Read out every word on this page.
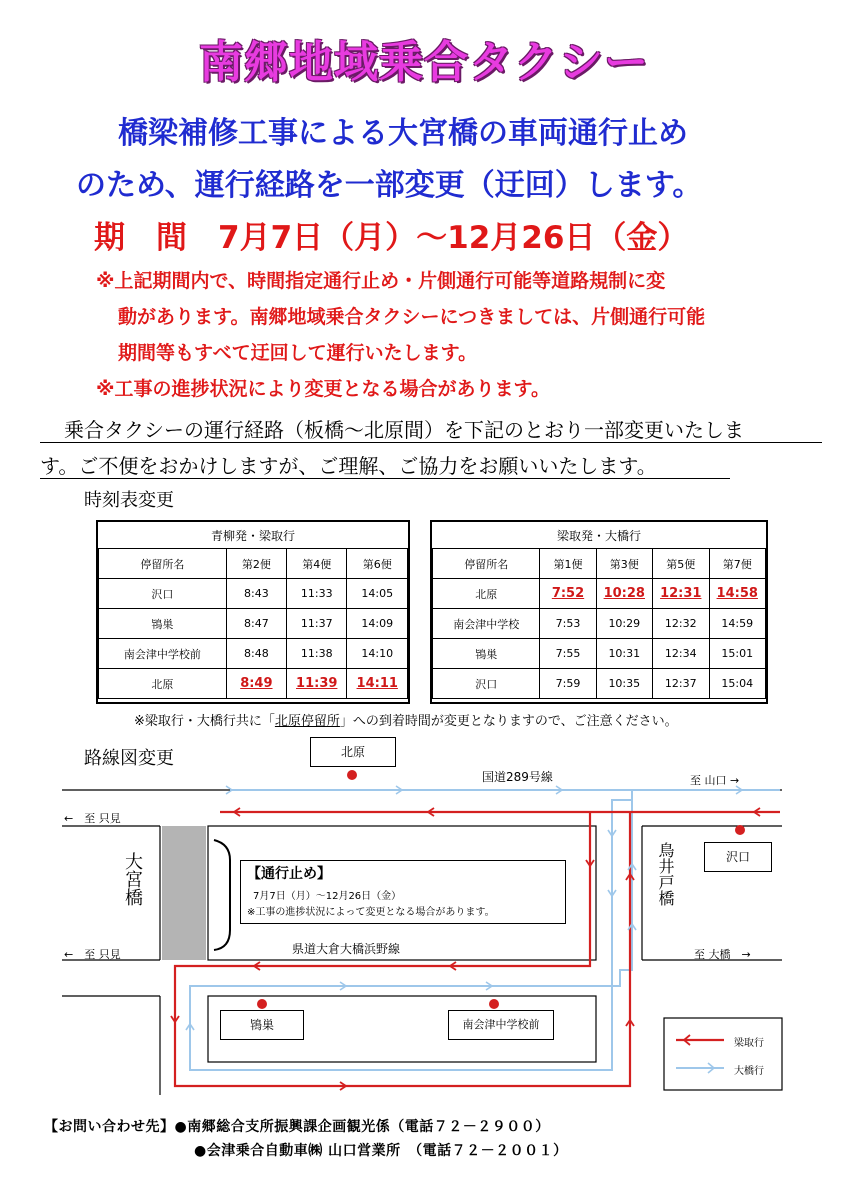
南郷地域乗合タクシー
橋梁補修工事による大宮橋の車両通行止め
のため、運行経路を一部変更（迂回）します。
期　間　7月7日（月）～12月26日（金）
※上記期間内で、時間指定通行止め・片側通行可能等道路規制に変
動があります。南郷地域乗合タクシーにつきましては、片側通行可能
期間等もすべて迂回して運行いたします。
※工事の進捗状況により変更となる場合があります。
乗合タクシーの運行経路（板橋～北原間）を下記のとおり一部変更いたしま
す。ご不便をおかけしますが、ご理解、ご協力をお願いいたします。
時刻表変更
青柳発・梁取行			
停留所名	第2便	第4便	第6便
沢口	8:43	11:33	14:05
鴇巣	8:47	11:37	14:09
南会津中学校前	8:48	11:38	14:10
北原	8:49	11:39	14:11
梁取発・大橋行				
停留所名	第1便	第3便	第5便	第7便
北原	7:52	10:28	12:31	14:58
南会津中学校	7:53	10:29	12:32	14:59
鴇巣	7:55	10:31	12:34	15:01
沢口	7:59	10:35	12:37	15:04
※梁取行・大橋行共に「北原停留所」への到着時間が変更となりますので、ご注意ください。
路線図変更	北原
国道289号線	至 山口 →
←　至 只見
←　至 只見
大宮橋	【通行止め】
7月7日（月）～12月26日（金）
※工事の進捗状況によって変更となる場合があります。
県道大倉大橋浜野線
鳥井戸橋	沢口
至 大橋　→
鴇巣	南会津中学校前
梁取行
大橋行
【お問い合わせ先】●南郷総合支所振興課企画観光係（電話７２－２９００）
●会津乗合自動車㈱ 山口営業所　（電話７２－２００１）
